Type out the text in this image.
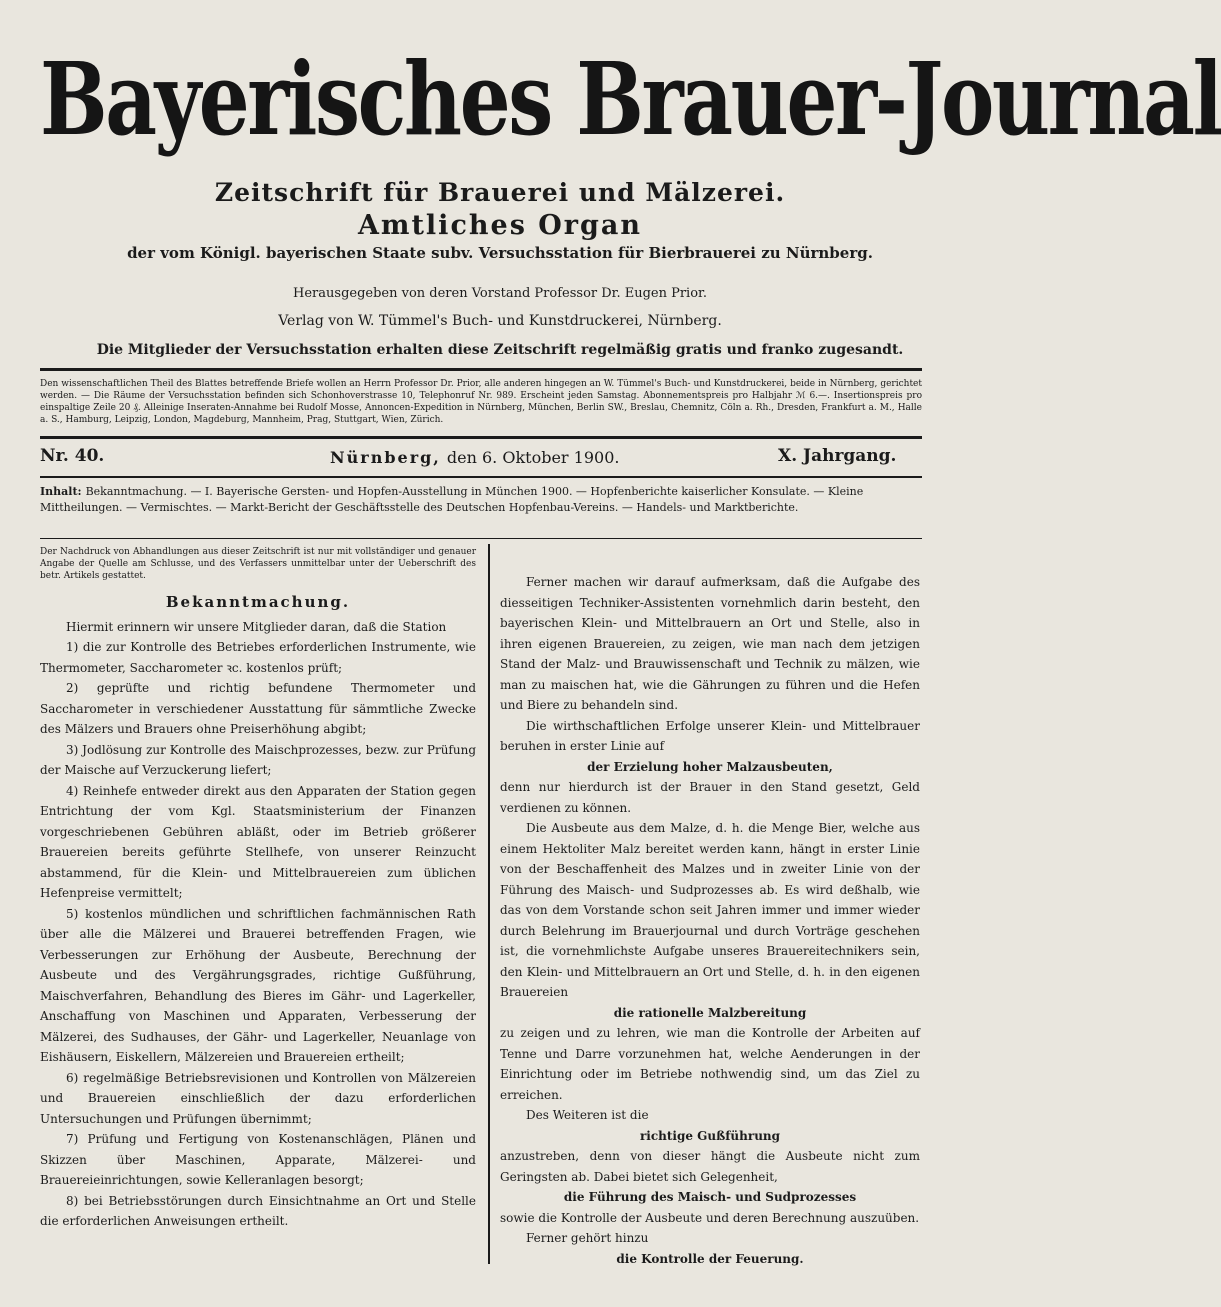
Bayerisches Brauer-Journal
Zeitschrift für Brauerei und Mälzerei.
Amtliches Organ
der vom Königl. bayerischen Staate subv. Versuchsstation für Bierbrauerei zu Nürnberg.
Herausgegeben von deren Vorstand Professor Dr. Eugen Prior.
Verlag von W. Tümmel's Buch- und Kunstdruckerei, Nürnberg.
Die Mitglieder der Versuchsstation erhalten diese Zeitschrift regelmäßig gratis und franko zugesandt.
Den wissenschaftlichen Theil des Blattes betreffende Briefe wollen an Herrn Professor Dr. Prior, alle anderen hingegen an W. Tümmel's Buch- und Kunstdruckerei, beide in Nürnberg, gerichtet werden. — Die Räume der Versuchsstation befinden sich Schonhoverstrasse 10, Telephonruf Nr. 989. Erscheint jeden Samstag. Abonnementspreis pro Halbjahr ℳ 6.—. Insertionspreis pro einspaltige Zeile 20 ₰. Alleinige Inseraten-Annahme bei Rudolf Mosse, Annoncen-Expedition in Nürnberg, München, Berlin SW., Breslau, Chemnitz, Cöln a. Rh., Dresden, Frankfurt a. M., Halle a. S., Hamburg, Leipzig, London, Magdeburg, Mannheim, Prag, Stuttgart, Wien, Zürich.
Nr. 40.	Nürnberg, den 6. Oktober 1900.	X. Jahrgang.
Inhalt: Bekanntmachung. — I. Bayerische Gersten- und Hopfen-Ausstellung in München 1900. — Hopfenberichte kaiserlicher Konsulate. — Kleine Mittheilungen. — Vermischtes. — Markt-Bericht der Geschäftsstelle des Deutschen Hopfenbau-Vereins. — Handels- und Marktberichte.

Der Nachdruck von Abhandlungen aus dieser Zeitschrift ist nur mit vollständiger und genauer Angabe der Quelle am Schlusse, und des Verfassers unmittelbar unter der Ueberschrift des betr. Artikels gestattet.

Bekanntmachung.

Hiermit erinnern wir unsere Mitglieder daran, daß die Station

1) die zur Kontrolle des Betriebes erforderlichen Instrumente, wie Thermometer, Saccharometer ꝛc. kostenlos prüft;

2) geprüfte und richtig befundene Thermometer und Saccharometer in verschiedener Ausstattung für sämmtliche Zwecke des Mälzers und Brauers ohne Preiserhöhung abgibt;

3) Jodlösung zur Kontrolle des Maischprozesses, bezw. zur Prüfung der Maische auf Verzuckerung liefert;

4) Reinhefe entweder direkt aus den Apparaten der Station gegen Entrichtung der vom Kgl. Staatsministerium der Finanzen vorgeschriebenen Gebühren abläßt, oder im Betrieb größerer Brauereien bereits geführte Stellhefe, von unserer Reinzucht abstammend, für die Klein- und Mittelbrauereien zum üblichen Hefenpreise vermittelt;

5) kostenlos mündlichen und schriftlichen fachmännischen Rath über alle die Mälzerei und Brauerei betreffenden Fragen, wie Verbesserungen zur Erhöhung der Ausbeute, Berechnung der Ausbeute und des Vergährungsgrades, richtige Gußführung, Maischverfahren, Behandlung des Bieres im Gähr- und Lagerkeller, Anschaffung von Maschinen und Apparaten, Verbesserung der Mälzerei, des Sudhauses, der Gähr- und Lagerkeller, Neuanlage von Eishäusern, Eiskellern, Mälzereien und Brauereien ertheilt;

6) regelmäßige Betriebsrevisionen und Kontrollen von Mälzereien und Brauereien einschließlich der dazu erforderlichen Untersuchungen und Prüfungen übernimmt;

7) Prüfung und Fertigung von Kostenanschlägen, Plänen und Skizzen über Maschinen, Apparate, Mälzerei- und Brauereieinrichtungen, sowie Kelleranlagen besorgt;

8) bei Betriebsstörungen durch Einsichtnahme an Ort und Stelle die erforderlichen Anweisungen ertheilt.

Ferner machen wir darauf aufmerksam, daß die Aufgabe des diesseitigen Techniker-Assistenten vornehmlich darin besteht, den bayerischen Klein- und Mittelbrauern an Ort und Stelle, also in ihren eigenen Brauereien, zu zeigen, wie man nach dem jetzigen Stand der Malz- und Brauwissenschaft und Technik zu mälzen, wie man zu maischen hat, wie die Gährungen zu führen und die Hefen und Biere zu behandeln sind.

Die wirthschaftlichen Erfolge unserer Klein- und Mittelbrauer beruhen in erster Linie auf

der Erzielung hoher Malzausbeuten,

denn nur hierdurch ist der Brauer in den Stand gesetzt, Geld verdienen zu können.

Die Ausbeute aus dem Malze, d. h. die Menge Bier, welche aus einem Hektoliter Malz bereitet werden kann, hängt in erster Linie von der Beschaffenheit des Malzes und in zweiter Linie von der Führung des Maisch- und Sudprozesses ab. Es wird deßhalb, wie das von dem Vorstande schon seit Jahren immer und immer wieder durch Belehrung im Brauerjournal und durch Vorträge geschehen ist, die vornehmlichste Aufgabe unseres Brauereitechnikers sein, den Klein- und Mittelbrauern an Ort und Stelle, d. h. in den eigenen Brauereien

die rationelle Malzbereitung

zu zeigen und zu lehren, wie man die Kontrolle der Arbeiten auf Tenne und Darre vorzunehmen hat, welche Aenderungen in der Einrichtung oder im Betriebe nothwendig sind, um das Ziel zu erreichen.

Des Weiteren ist die

richtige Gußführung

anzustreben, denn von dieser hängt die Ausbeute nicht zum Geringsten ab. Dabei bietet sich Gelegenheit,

die Führung des Maisch- und Sudprozesses

sowie die Kontrolle der Ausbeute und deren Berechnung auszuüben.

Ferner gehört hinzu

die Kontrolle der Feuerung.
